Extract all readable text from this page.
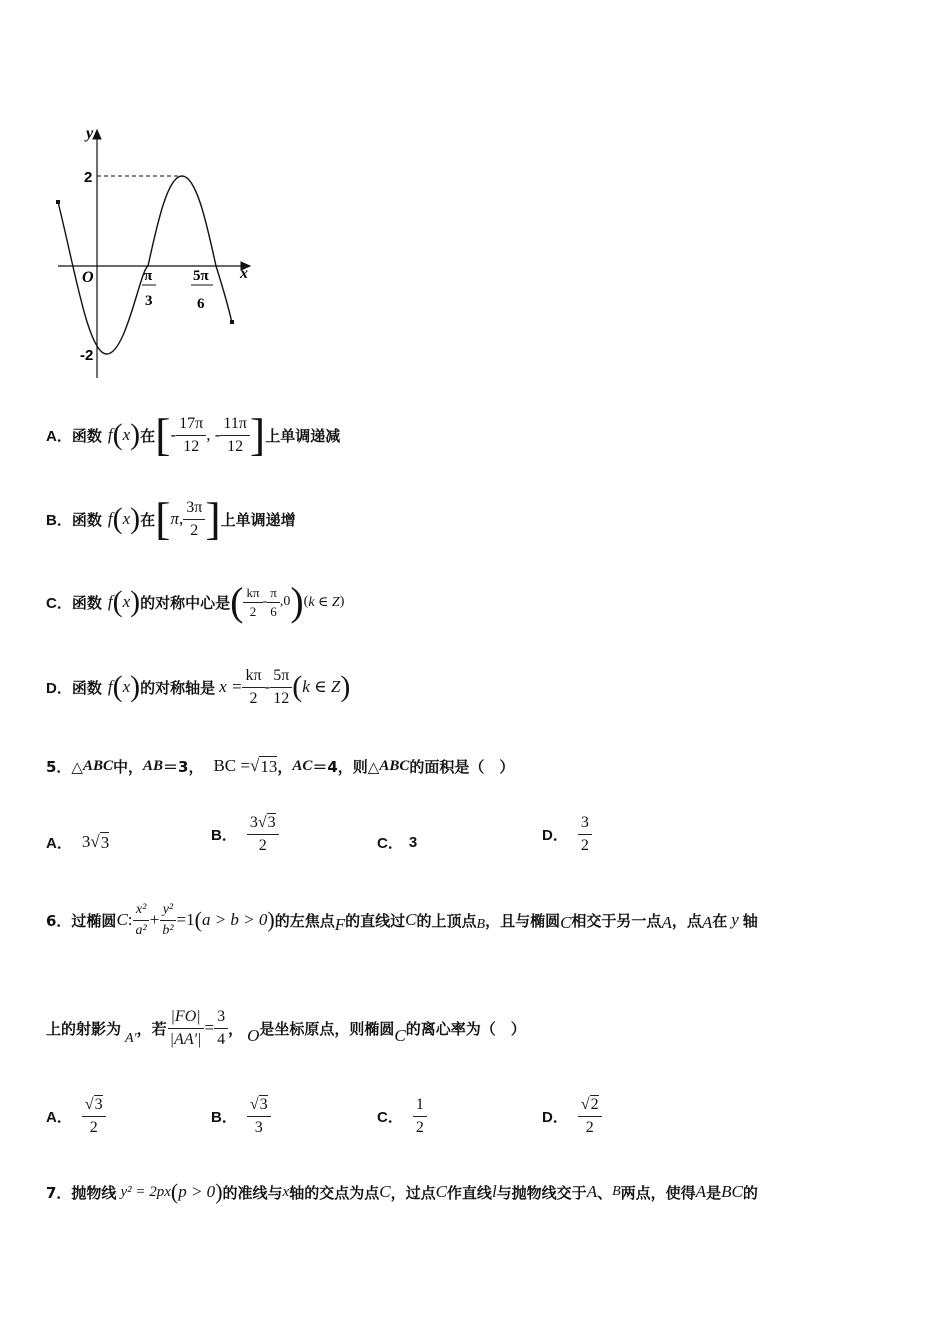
y
x
O
2
-2
π
3
5π
6
A． 函数 f ( x ) 在 [ - $\frac{17\pi}{12}$ , - $\frac{11\pi}{12}$ ] 上单调递减
B． 函数 f ( x ) 在 [ π , $\frac{3\pi}{2}$ ] 上单调递增
C． 函数 f ( x ) 的对称中心是 ( $\frac{k\pi}{2} - \frac{\pi}{6}$ , 0 ) ( k ∈ Z )
D． 函数 f ( x ) 的对称轴是 $x = \frac{k\pi}{2} - \frac{5\pi}{12}$ ( k ∈ Z )
5．△ ABC 中， AB ＝3， BC = √ 13 ， AC ＝4，则△ ABC 的面积是（　）
A． 3 √ 3	B． $\frac{3√3}{2}$	C． 3	D． $\frac{3}{2}$
6．过椭圆 C : $\frac{\text{x²}}{\text{a²}} + \frac{\text{y²}}{\text{b²}} =1$ ( a > b > 0 ) 的左焦点 F 的直线过 C 的上顶点 B ，且与椭圆 C 相交于另一点 A ，点 A 在 y 轴
上的射影为
A′
，若 $\frac{|FO|}{|AA'|} = \frac{3}{4}$ ， O 是坐标原点，则椭圆 C 的离心率为（　）
A． $\frac{√3}{2}$	B． $\frac{√3}{3}$	C． $\frac{1}{2}$	D． $\frac{√2}{2}$
7．抛物线 y² = 2px ( p > 0 ) 的准线与 x 轴的交点为点 C ，过点 C 作直线 l 与抛物线交于 A 、 B 两点，使得 A 是 BC 的
